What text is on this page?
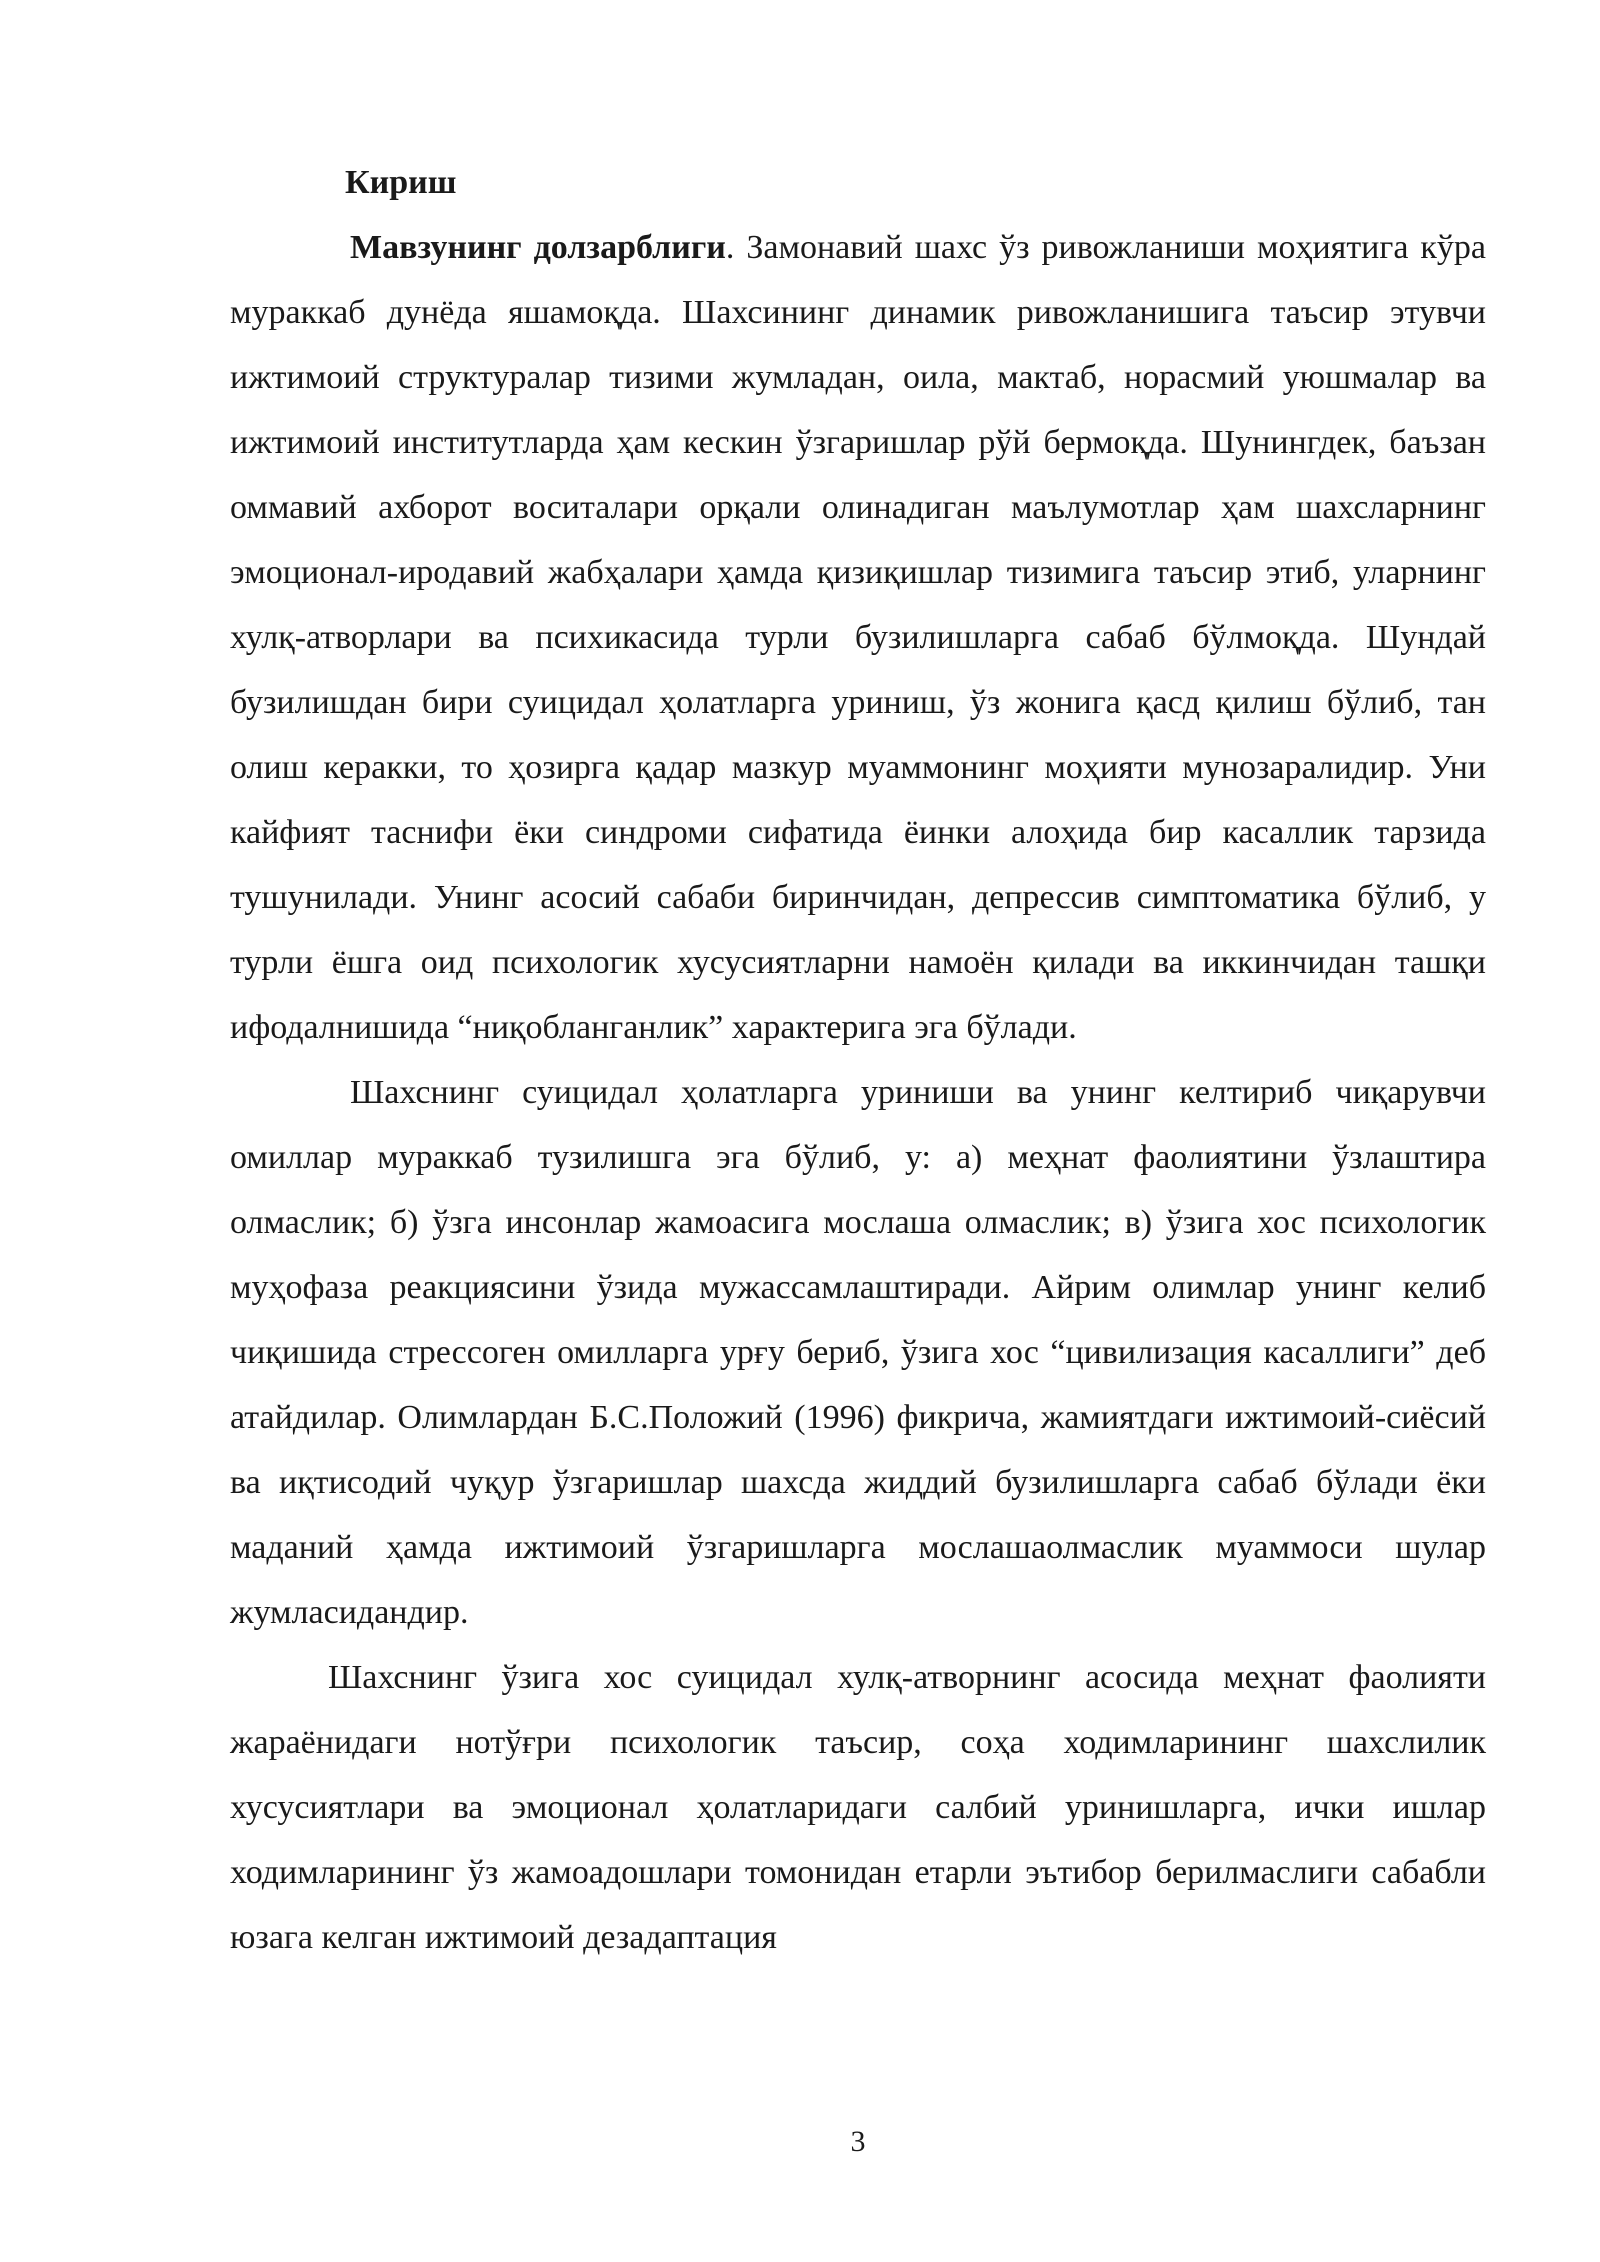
Кириш

Мавзунинг долзарблиги. Замонавий шахс ўз ривожланиши моҳиятига кўра мураккаб дунёда яшамоқда. Шахсининг динамик ривожланишига таъсир этувчи ижтимоий структуралар тизими жумладан, оила, мактаб, норасмий уюшмалар ва ижтимоий институтларда ҳам кескин ўзгаришлар рўй бермоқда. Шунингдек, баъзан оммавий ахборот воситалари орқали олинадиган маълумотлар ҳам шахсларнинг эмоционал-иродавий жабҳалари ҳамда қизиқишлар тизимига таъсир этиб, уларнинг хулқ-атворлари ва психикасида турли бузилишларга сабаб бўлмоқда. Шундай бузилишдан бири суицидал ҳолатларга уриниш, ўз жонига қасд қилиш бўлиб, тан олиш керакки, то ҳозирга қадар мазкур муаммонинг моҳияти мунозаралидир. Уни кайфият таснифи ёки синдроми сифатида ёинки алоҳида бир касаллик тарзида тушунилади. Унинг асосий сабаби биринчидан, депрессив симптоматика бўлиб, у турли ёшга оид психологик хусусиятларни намоён қилади ва иккинчидан ташқи ифодалнишида “ниқобланганлик” характерига эга бўлади.

Шахснинг суицидал ҳолатларга уриниши ва унинг келтириб чиқарувчи омиллар мураккаб тузилишга эга бўлиб, у: а) меҳнат фаолиятини ўзлаштира олмаслик; б) ўзга инсонлар жамоасига мослаша олмаслик; в) ўзига хос психологик муҳофаза реакциясини ўзида мужассамлаштиради. Айрим олимлар унинг келиб чиқишида стрессоген омилларга урғу бериб, ўзига хос “цивилизация касаллиги” деб атайдилар. Олимлардан Б.С.Положий (1996) фикрича, жамиятдаги ижтимоий-сиёсий ва иқтисодий чуқур ўзгаришлар шахсда жиддий бузилишларга сабаб бўлади ёки маданий ҳамда ижтимоий ўзгаришларга мослашаолмаслик муаммоси шулар жумласидандир.

Шахснинг ўзига хос суицидал хулқ-атворнинг асосида меҳнат фаолияти жараёнидаги нотўғри психологик таъсир, соҳа ходимларининг шахслилик хусусиятлари ва эмоционал ҳолатларидаги салбий уринишларга, ички ишлар ходимларининг ўз жамоадошлари томонидан етарли эътибор берилмаслиги сабабли юзага келган ижтимоий дезадаптация

3
